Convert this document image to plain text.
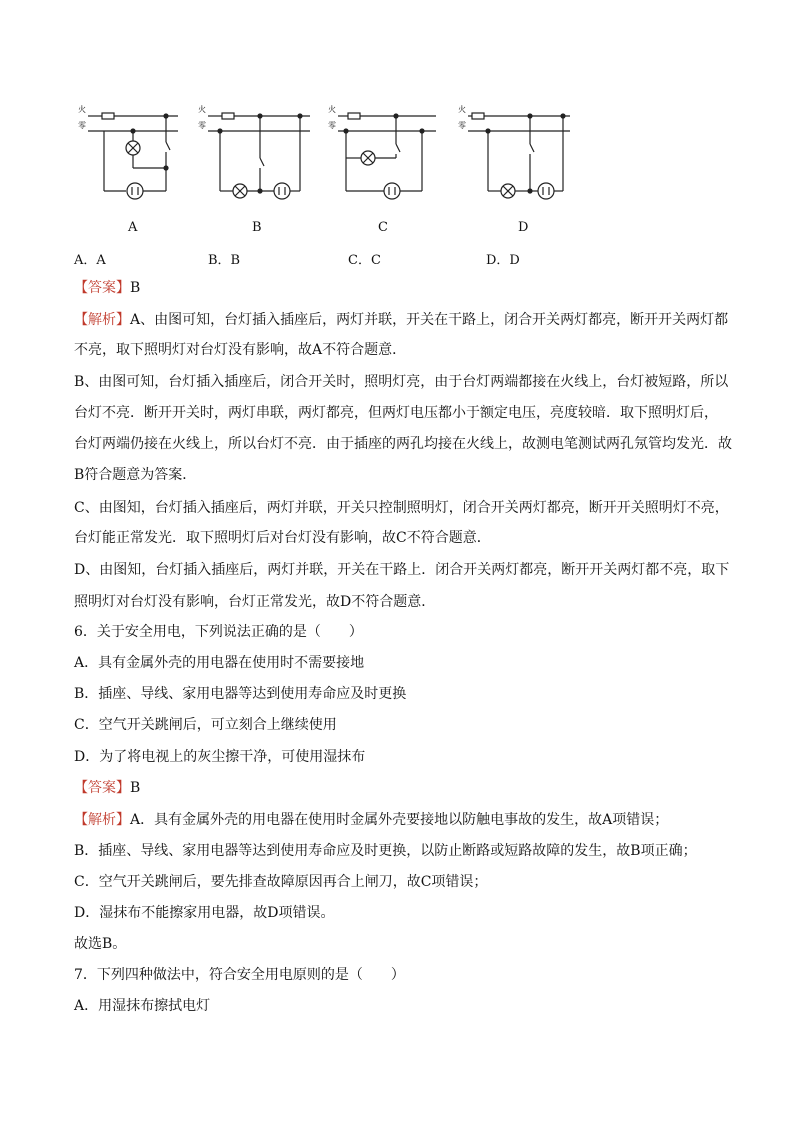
火
零
火
零
火
零
火
零
A	B	C	D
A．A	B．B	C．C	D．D
【答案】B
【解析】A、由图可知，台灯插入插座后，两灯并联，开关在干路上，闭合开关两灯都亮，断开开关两灯都
不亮，取下照明灯对台灯没有影响，故A不符合题意．
B、由图可知，台灯插入插座后，闭合开关时，照明灯亮，由于台灯两端都接在火线上，台灯被短路，所以
台灯不亮．断开开关时，两灯串联，两灯都亮，但两灯电压都小于额定电压，亮度较暗．取下照明灯后，
台灯两端仍接在火线上，所以台灯不亮．由于插座的两孔均接在火线上，故测电笔测试两孔氖管均发光．故
B符合题意为答案．
C、由图知，台灯插入插座后，两灯并联，开关只控制照明灯，闭合开关两灯都亮，断开开关照明灯不亮，
台灯能正常发光．取下照明灯后对台灯没有影响，故C不符合题意．
D、由图知，台灯插入插座后，两灯并联，开关在干路上．闭合开关两灯都亮，断开开关两灯都不亮，取下
照明灯对台灯没有影响，台灯正常发光，故D不符合题意．
6．关于安全用电，下列说法正确的是（　　）
A．具有金属外壳的用电器在使用时不需要接地
B．插座、导线、家用电器等达到使用寿命应及时更换
C．空气开关跳闸后，可立刻合上继续使用
D．为了将电视上的灰尘擦干净，可使用湿抹布
【答案】B
【解析】A．具有金属外壳的用电器在使用时金属外壳要接地以防触电事故的发生，故A项错误；
B．插座、导线、家用电器等达到使用寿命应及时更换，以防止断路或短路故障的发生，故B项正确；
C．空气开关跳闸后，要先排查故障原因再合上闸刀，故C项错误；
D．湿抹布不能擦家用电器，故D项错误。
故选B。
7．下列四种做法中，符合安全用电原则的是（　　）
A．用湿抹布擦拭电灯
